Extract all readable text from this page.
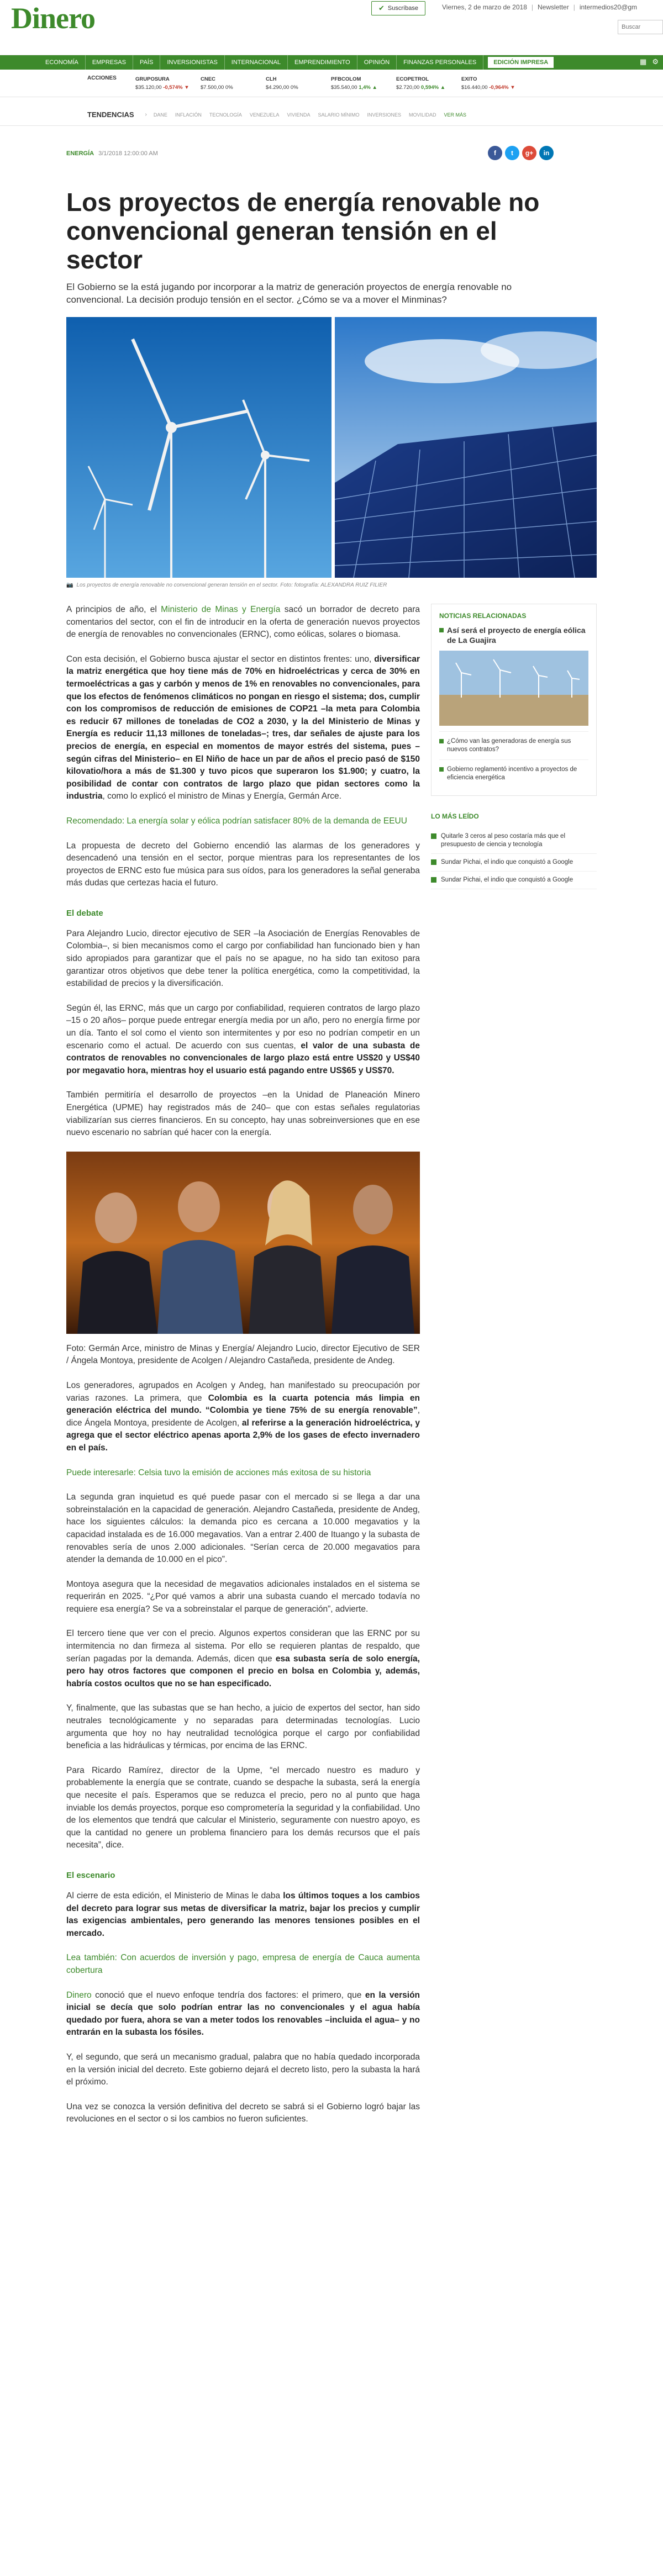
Dinero	✔ Suscríbase	Viernes, 2 de marzo de 2018 | Newsletter | intermedios20@gm
Buscar
ECONOMÍA	EMPRESAS	PAÍS	INVERSIONISTAS	INTERNACIONAL	EMPRENDIMIENTO	OPINIÓN	FINANZAS PERSONALES	EDICIÓN IMPRESA	▦ ⚙
ACCIONES	GRUPOSURA
$35.120,00 -0,574% ▼
CNEC
$7.500,00 0%
CLH
$4.290,00 0%
PFBCOLOM
$35.540,00 1,4% ▲
ECOPETROL
$2.720,00 0,594% ▲
EXITO
$16.440,00 -0,964% ▼
TENDENCIAS › DANE INFLACIÓN TECNOLOGÍA VENEZUELA VIVIENDA SALARIO MÍNIMO INVERSIONES MOVILIDAD VER MÁS
ENERGÍA 3/1/2018 12:00:00 AM	f	t	g+	in
Los proyectos de energía renovable no convencional generan tensión en el sector

El Gobierno se la está jugando por incorporar a la matriz de generación proyectos de energía renovable no convencional. La decisión produjo tensión en el sector. ¿Cómo se va a mover el Minminas?

📷 Los proyectos de energía renovable no convencional generan tensión en el sector. Foto: fotografía: ALEXANDRA RUIZ FILIER

A principios de año, el Ministerio de Minas y Energía sacó un borrador de decreto para comentarios del sector, con el fin de introducir en la oferta de generación nuevos proyectos de energía de renovables no convencionales (ERNC), como eólicas, solares o biomasa.

Con esta decisión, el Gobierno busca ajustar el sector en distintos frentes: uno, diversificar la matriz energética que hoy tiene más de 70% en hidroeléctricas y cerca de 30% en termoeléctricas a gas y carbón y menos de 1% en renovables no convencionales, para que los efectos de fenómenos climáticos no pongan en riesgo el sistema; dos, cumplir con los compromisos de reducción de emisiones de COP21 –la meta para Colombia es reducir 67 millones de toneladas de CO2 a 2030, y la del Ministerio de Minas y Energía es reducir 11,13 millones de toneladas–; tres, dar señales de ajuste para los precios de energía, en especial en momentos de mayor estrés del sistema, pues –según cifras del Ministerio– en El Niño de hace un par de años el precio pasó de $150 kilovatio/hora a más de $1.300 y tuvo picos que superaron los $1.900; y cuatro, la posibilidad de contar con contratos de largo plazo que pidan sectores como la industria, como lo explicó el ministro de Minas y Energía, Germán Arce.

Recomendado: La energía solar y eólica podrían satisfacer 80% de la demanda de EEUU

La propuesta de decreto del Gobierno encendió las alarmas de los generadores y desencadenó una tensión en el sector, porque mientras para los representantes de los proyectos de ERNC esto fue música para sus oídos, para los generadores la señal generaba más dudas que certezas hacia el futuro.

El debate

Para Alejandro Lucio, director ejecutivo de SER –la Asociación de Energías Renovables de Colombia–, si bien mecanismos como el cargo por confiabilidad han funcionado bien y han sido apropiados para garantizar que el país no se apague, no ha sido tan exitoso para garantizar otros objetivos que debe tener la política energética, como la competitividad, la estabilidad de precios y la diversificación.

Según él, las ERNC, más que un cargo por confiabilidad, requieren contratos de largo plazo –15 o 20 años– porque puede entregar energía media por un año, pero no energía firme por un día. Tanto el sol como el viento son intermitentes y por eso no podrían competir en un escenario como el actual. De acuerdo con sus cuentas, el valor de una subasta de contratos de renovables no convencionales de largo plazo está entre US$20 y US$40 por megavatio hora, mientras hoy el usuario está pagando entre US$65 y US$70.

También permitiría el desarrollo de proyectos –en la Unidad de Planeación Minero Energética (UPME) hay registrados más de 240– que con estas señales regulatorias viabilizarían sus cierres financieros. En su concepto, hay unas sobreinversiones que en ese nuevo escenario no sabrían qué hacer con la energía.

Foto: Germán Arce, ministro de Minas y Energía/ Alejandro Lucio, director Ejecutivo de SER / Ángela Montoya, presidente de Acolgen / Alejandro Castañeda, presidente de Andeg.

Los generadores, agrupados en Acolgen y Andeg, han manifestado su preocupación por varias razones. La primera, que Colombia es la cuarta potencia más limpia en generación eléctrica del mundo. “Colombia ye tiene 75% de su energía renovable”, dice Ángela Montoya, presidente de Acolgen, al referirse a la generación hidroeléctrica, y agrega que el sector eléctrico apenas aporta 2,9% de los gases de efecto invernadero en el país.

Puede interesarle: Celsia tuvo la emisión de acciones más exitosa de su historia

La segunda gran inquietud es qué puede pasar con el mercado si se llega a dar una sobreinstalación en la capacidad de generación. Alejandro Castañeda, presidente de Andeg, hace los siguientes cálculos: la demanda pico es cercana a 10.000 megavatios y la capacidad instalada es de 16.000 megavatios. Van a entrar 2.400 de Ituango y la subasta de renovables sería de unos 2.000 adicionales. “Serían cerca de 20.000 megavatios para atender la demanda de 10.000 en el pico”.

Montoya asegura que la necesidad de megavatios adicionales instalados en el sistema se requerirán en 2025. “¿Por qué vamos a abrir una subasta cuando el mercado todavía no requiere esa energía? Se va a sobreinstalar el parque de generación”, advierte.

El tercero tiene que ver con el precio. Algunos expertos consideran que las ERNC por su intermitencia no dan firmeza al sistema. Por ello se requieren plantas de respaldo, que serían pagadas por la demanda. Además, dicen que esa subasta sería de solo energía, pero hay otros factores que componen el precio en bolsa en Colombia y, además, habría costos ocultos que no se han especificado.

Y, finalmente, que las subastas que se han hecho, a juicio de expertos del sector, han sido neutrales tecnológicamente y no separadas para determinadas tecnologías. Lucio argumenta que hoy no hay neutralidad tecnológica porque el cargo por confiabilidad beneficia a las hidráulicas y térmicas, por encima de las ERNC.

Para Ricardo Ramírez, director de la Upme, “el mercado nuestro es maduro y probablemente la energía que se contrate, cuando se despache la subasta, será la energía que necesite el país. Esperamos que se reduzca el precio, pero no al punto que haga inviable los demás proyectos, porque eso comprometería la seguridad y la confiabilidad. Uno de los elementos que tendrá que calcular el Ministerio, seguramente con nuestro apoyo, es que la cantidad no genere un problema financiero para los demás recursos que el país necesita”, dice.

El escenario

Al cierre de esta edición, el Ministerio de Minas le daba los últimos toques a los cambios del decreto para lograr sus metas de diversificar la matriz, bajar los precios y cumplir las exigencias ambientales, pero generando las menores tensiones posibles en el mercado.

Lea también: Con acuerdos de inversión y pago, empresa de energía de Caucа aumenta cobertura

Dinero conoció que el nuevo enfoque tendría dos factores: el primero, que en la versión inicial se decía que solo podrían entrar las no convencionales y el agua había quedado por fuera, ahora se van a meter todos los renovables –incluida el agua– y no entrarán en la subasta los fósiles.

Y, el segundo, que será un mecanismo gradual, palabra que no había quedado incorporada en la versión inicial del decreto. Este gobierno dejará el decreto listo, pero la subasta la hará el próximo.

Una vez se conozca la versión definitiva del decreto se sabrá si el Gobierno logró bajar las revoluciones en el sector o si los cambios no fueron suficientes.

NOTICIAS RELACIONADAS
Así será el proyecto de energía eólica de La Guajira
¿Cómo van las generadoras de energía sus nuevos contratos?
Gobierno reglamentó incentivo a proyectos de eficiencia energética
LO MÁS LEÍDO
Quitarle 3 ceros al peso costaría más que el presupuesto de ciencia y tecnología
Sundar Pichai, el indio que conquistó a Google
Sundar Pichai, el indio que conquistó a Google
